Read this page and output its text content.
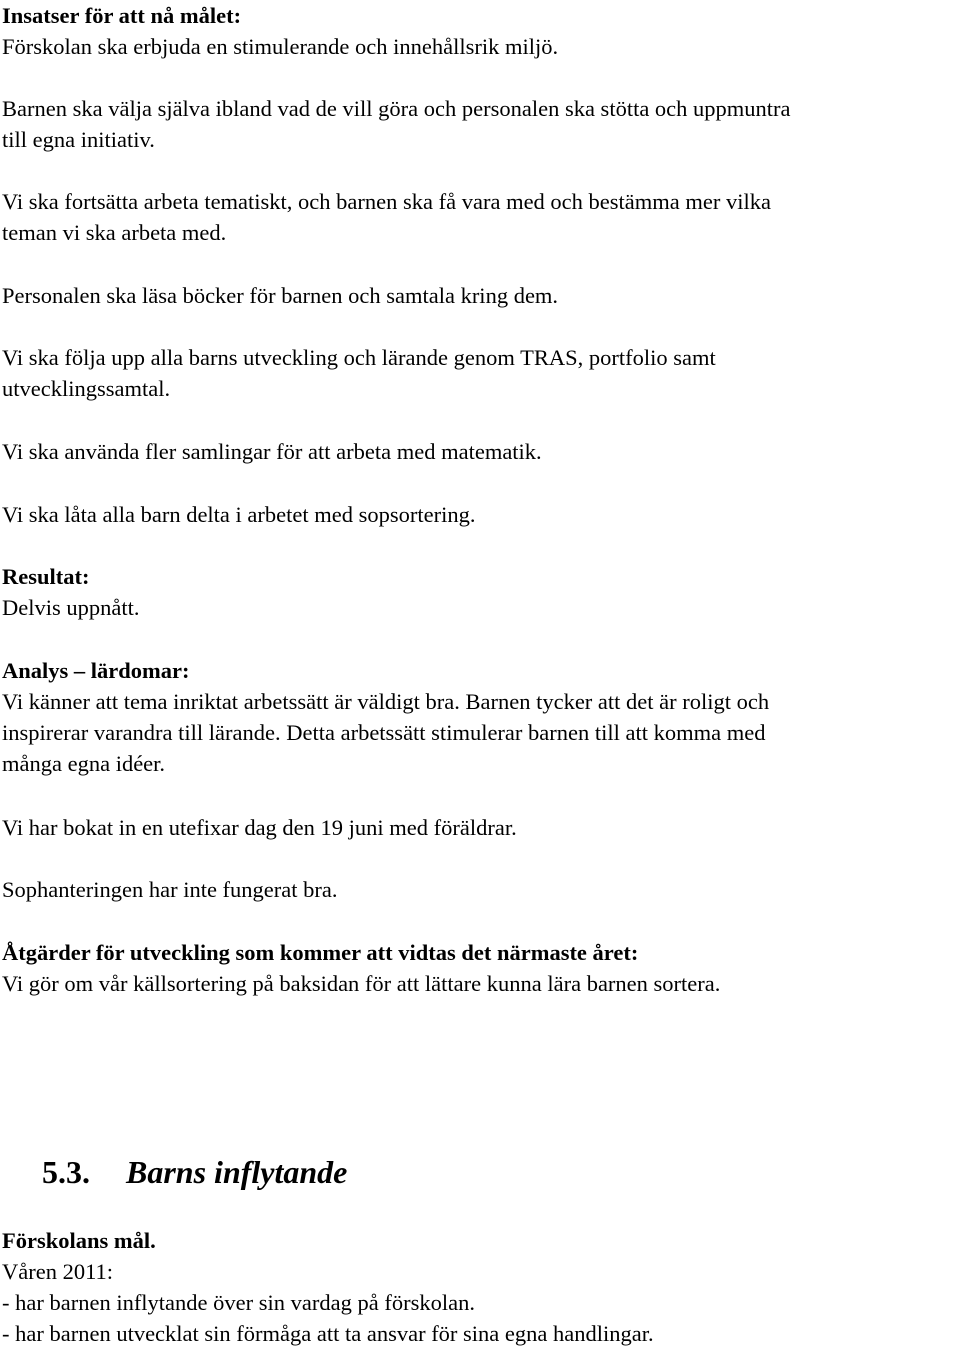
Insatser för att nå målet:

Förskolan ska erbjuda en stimulerande och innehållsrik miljö.

Barnen ska välja själva ibland vad de vill göra och personalen ska stötta och uppmuntra

till egna initiativ.

Vi ska fortsätta arbeta tematiskt, och barnen ska få vara med och bestämma mer vilka

teman vi ska arbeta med.

Personalen ska läsa böcker för barnen och samtala kring dem.

Vi ska följa upp alla barns utveckling och lärande genom TRAS, portfolio samt

utvecklingssamtal.

Vi ska använda fler samlingar för att arbeta med matematik.

Vi ska låta alla barn delta i arbetet med sopsortering.

Resultat:

Delvis uppnått.

Analys – lärdomar:

Vi känner att tema inriktat arbetssätt är väldigt bra. Barnen tycker att det är roligt och

inspirerar varandra till lärande. Detta arbetssätt stimulerar barnen till att komma med

många egna idéer.

Vi har bokat in en utefixar dag den 19 juni med föräldrar.

Sophanteringen har inte fungerat bra.

Åtgärder för utveckling som kommer att vidtas det närmaste året:

Vi gör om vår källsortering på baksidan för att lättare kunna lära barnen sortera.

5.3. Barns inflytande

Förskolans mål.

Våren 2011:

- har barnen inflytande över sin vardag på förskolan.

- har barnen utvecklat sin förmåga att ta ansvar för sina egna handlingar.
